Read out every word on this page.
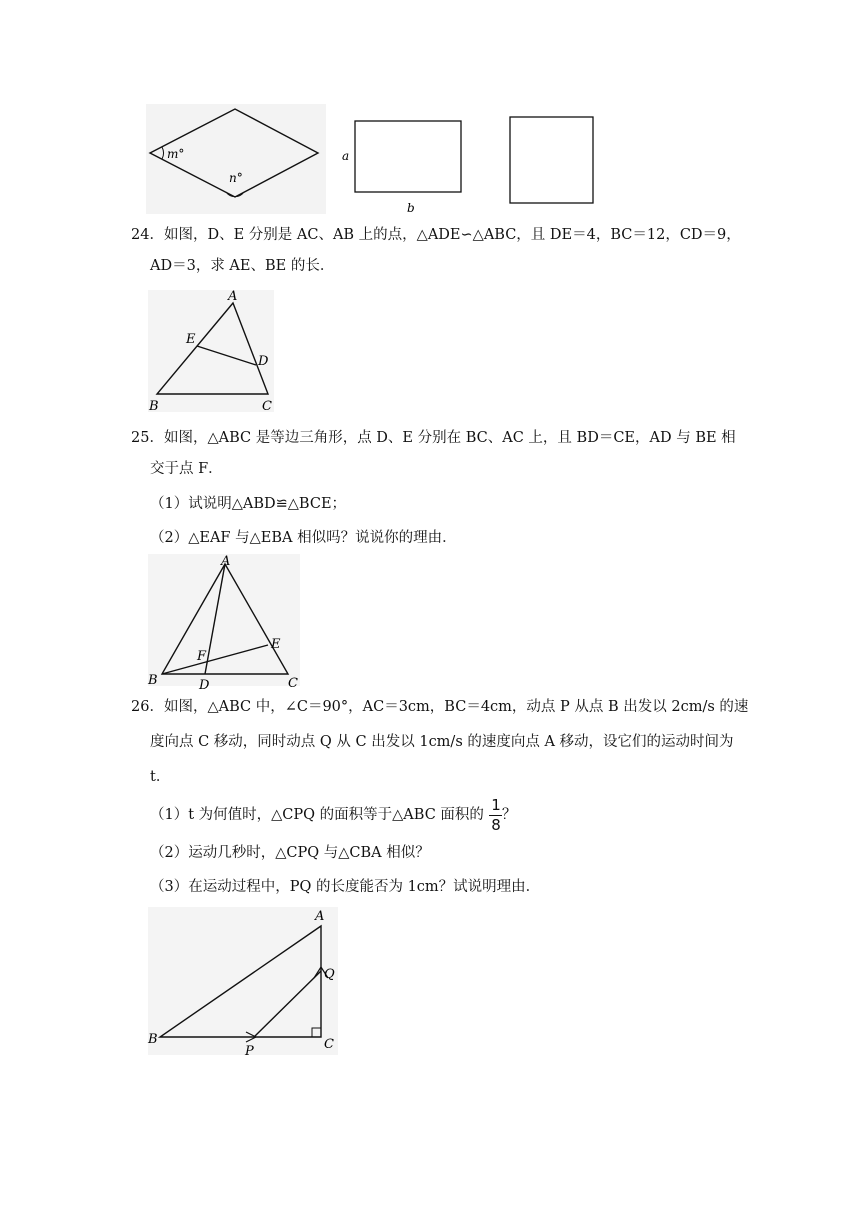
m°
n°
a
b
24．如图，D、E 分别是 AC、AB 上的点，△ADE∽△ABC，且 DE＝4，BC＝12，CD＝9，
AD＝3，求 AE、BE 的长．
A
E
D
B	C
25．如图，△ABC 是等边三角形，点 D、E 分别在 BC、AC 上，且 BD＝CE，AD 与 BE 相
交于点 F．
（1）试说明△ABD≌△BCE；
（2）△EAF 与△EBA 相似吗？说说你的理由．
A
E
F
B	D	C
26．如图，△ABC 中，∠C＝90°，AC＝3cm，BC＝4cm，动点 P 从点 B 出发以 2cm/s 的速
度向点 C 移动，同时动点 Q 从 C 出发以 1cm/s 的速度向点 A 移动，设它们的运动时间为
t．
（1）t 为何值时，△CPQ 的面积等于△ABC 面积的 ？
1
8
（2）运动几秒时，△CPQ 与△CBA 相似？
（3）在运动过程中，PQ 的长度能否为 1cm？试说明理由．
A
Q
B
P	C
